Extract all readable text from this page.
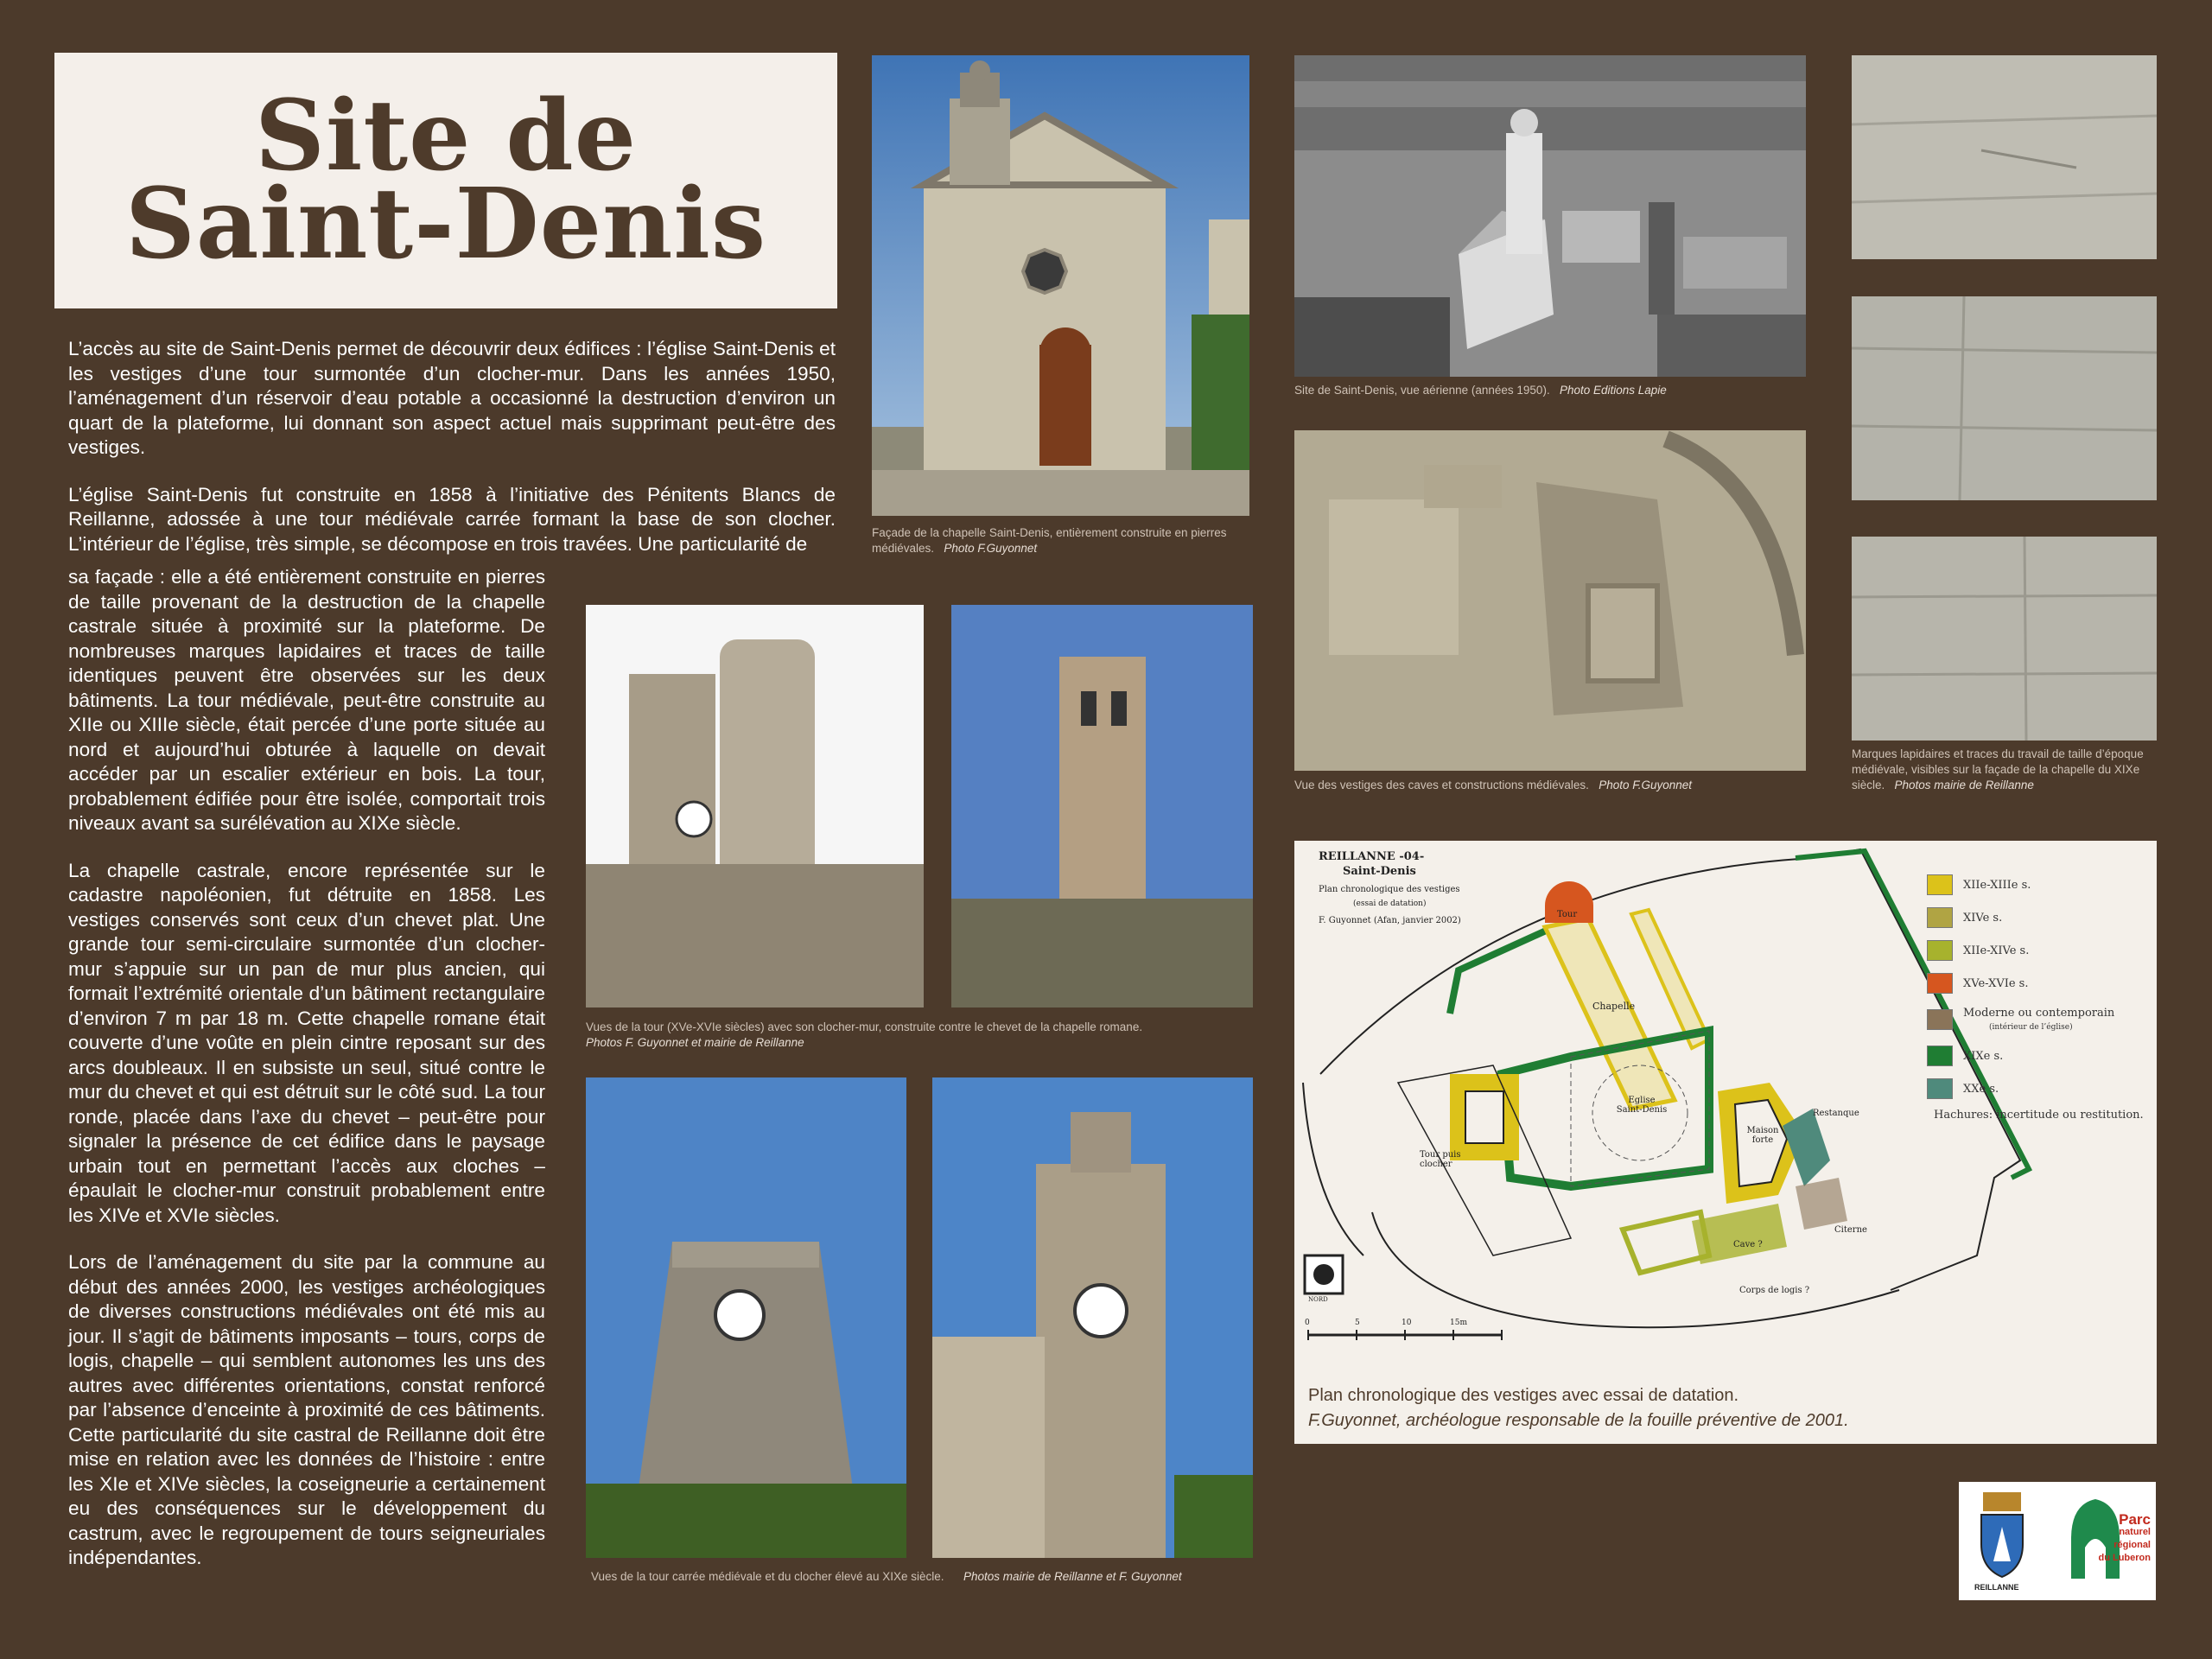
Site de
Saint-Denis

L’accès au site de Saint-Denis permet de découvrir deux édifices : l’église Saint-Denis et les vestiges d’une tour surmontée d’un clocher-mur. Dans les années 1950, l’aménagement d’un réservoir d’eau potable a occasionné la destruction d’environ un quart de la plateforme, lui donnant son aspect actuel mais supprimant peut-être des vestiges.

L’église Saint-Denis fut construite en 1858 à l’initiative des Pénitents Blancs de Reillanne, adossée à une tour médiévale carrée formant la base de son clocher. L’intérieur de l’église, très simple, se décompose en trois travées. Une particularité de

sa façade : elle a été entièrement construite en pierres de taille provenant de la destruction de la chapelle castrale située à proximité sur la plateforme. De nombreuses marques lapidaires et traces de taille identiques peuvent être observées sur les deux bâtiments. La tour médiévale, peut-être construite au XIIe ou XIIIe siècle, était percée d’une porte située au nord et aujourd’hui obturée à laquelle on devait accéder par un escalier extérieur en bois. La tour, probablement édifiée pour être isolée, comportait trois niveaux avant sa surélévation au XIXe siècle.

La chapelle castrale, encore représentée sur le cadastre napoléonien, fut détruite en 1858. Les vestiges conservés sont ceux d’un chevet plat. Une grande tour semi-circulaire surmontée d’un clocher-mur s’appuie sur un pan de mur plus ancien, qui formait l’extrémité orientale d’un bâtiment rectangulaire d’environ 7 m par 18 m. Cette chapelle romane était couverte d’une voûte en plein cintre reposant sur des arcs doubleaux. Il en subsiste un seul, situé contre le mur du chevet et qui est détruit sur le côté sud. La tour ronde, placée dans l’axe du chevet – peut-être pour signaler la présence de cet édifice dans le paysage urbain tout en permettant l’accès aux cloches – épaulait le clocher-mur construit probablement entre les XIVe et XVIe siècles.

Lors de l’aménagement du site par la commune au début des années 2000, les vestiges archéologiques de diverses constructions médiévales ont été mis au jour. Il s’agit de bâtiments imposants – tours, corps de logis, chapelle – qui semblent autonomes les uns des autres avec différentes orientations, constat renforcé par l’absence d’enceinte à proximité de ces bâtiments. Cette particularité du site castral de Reillanne doit être mise en relation avec les données de l’histoire : entre les XIe et XIVe siècles, la coseigneurie a certainement eu des conséquences sur le développement du castrum, avec le regroupement de tours seigneuriales indépendantes.

Façade de la chapelle Saint-Denis, entièrement construite en pierres médiévales. Photo F.Guyonnet
Site de Saint-Denis, vue aérienne (années 1950). Photo Editions Lapie
Vue des vestiges des caves et constructions médiévales. Photo F.Guyonnet
Marques lapidaires et traces du travail de taille d’époque médiévale, visibles sur la façade de la chapelle du XIXe siècle. Photos mairie de Reillanne
Vues de la tour (XVe-XVIe siècles) avec son clocher-mur, construite contre le chevet de la chapelle romane.
Photos F. Guyonnet et mairie de Reillanne
Vues de la tour carrée médiévale et du clocher élevé au XIXe siècle. Photos mairie de Reillanne et F. Guyonnet
REILLANNE -04-
Saint-Denis
Plan chronologique des vestiges
(essai de datation)
F. Guyonnet (Afan, janvier 2002)
Tour
Chapelle
Eglise Saint-Denis
Tour puis clocher
Maison forte
Restanque
Citerne
Cave ?
Corps de logis ?
NORD
0	5	10	15m
XIIe-XIIIe s.
XIVe s.
XIIe-XIVe s.
XVe-XVIe s.
Moderne ou contemporain
(intérieur de l’église)
XIXe s.
XXe s.
Hachures: incertitude ou restitution.
Plan chronologique des vestiges avec essai de datation.
F.Guyonnet, archéologue responsable de la fouille préventive de 2001.
REILLANNE
Parc
naturel
régional
du Luberon
